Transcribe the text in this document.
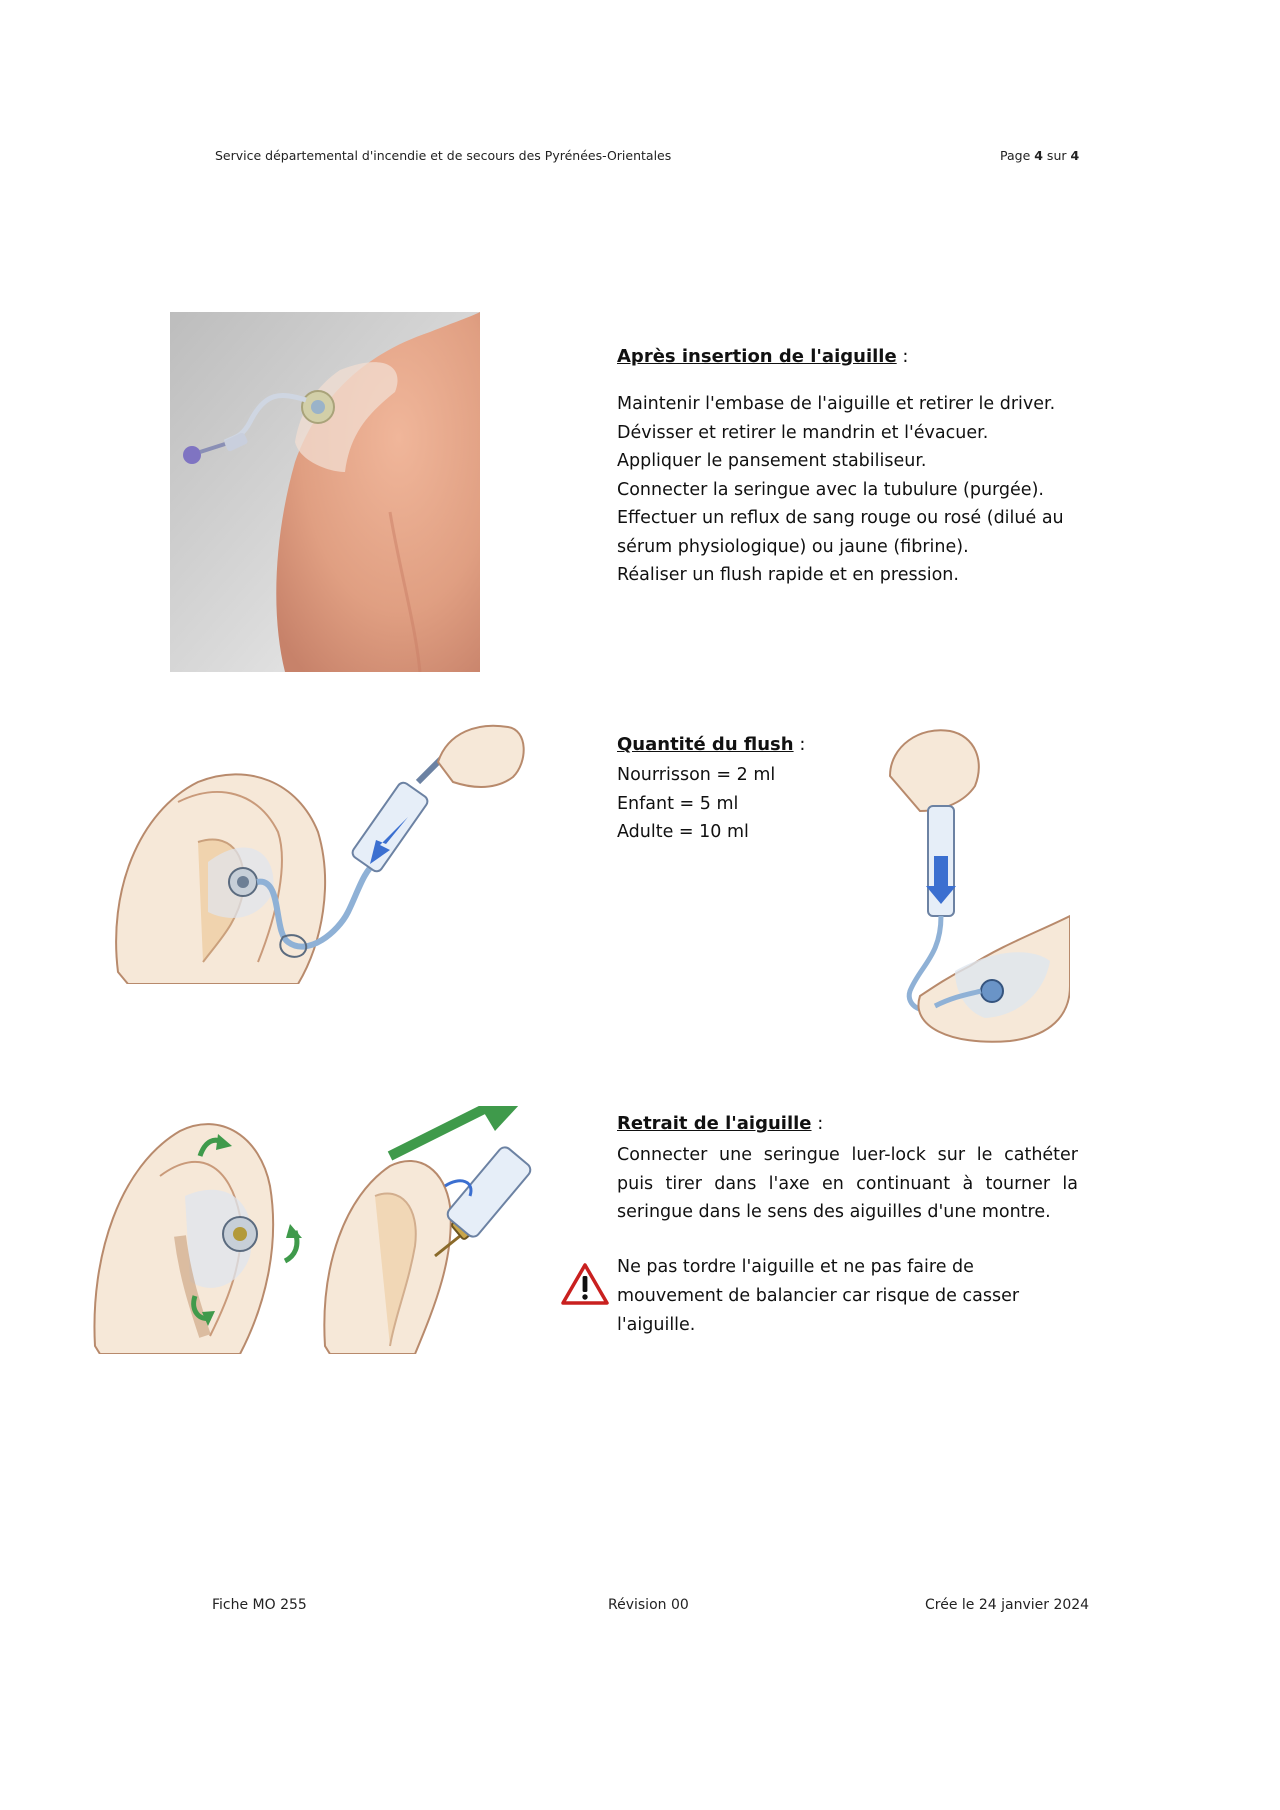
Service départemental d'incendie et de secours des Pyrénées-Orientales	Page 4 sur 4
Après insertion de l'aiguille :
Maintenir l'embase de l'aiguille et retirer le driver.
Dévisser et retirer le mandrin et l'évacuer.
Appliquer le pansement stabiliseur.
Connecter la seringue avec la tubulure (purgée).
Effectuer un reflux de sang rouge ou rosé (dilué au
sérum physiologique) ou jaune (fibrine).
Réaliser un flush rapide et en pression.
Quantité du flush :
Nourrisson = 2 ml
Enfant = 5 ml
Adulte = 10 ml
Retrait de l'aiguille :
Connecter une seringue luer-lock sur le cathéter puis tirer dans l'axe en continuant à tourner la seringue dans le sens des aiguilles d'une montre.
Ne pas tordre l'aiguille et ne pas faire de mouvement de balancier car risque de casser l'aiguille.
Fiche MO 255	Révision 00	Crée le 24 janvier 2024
